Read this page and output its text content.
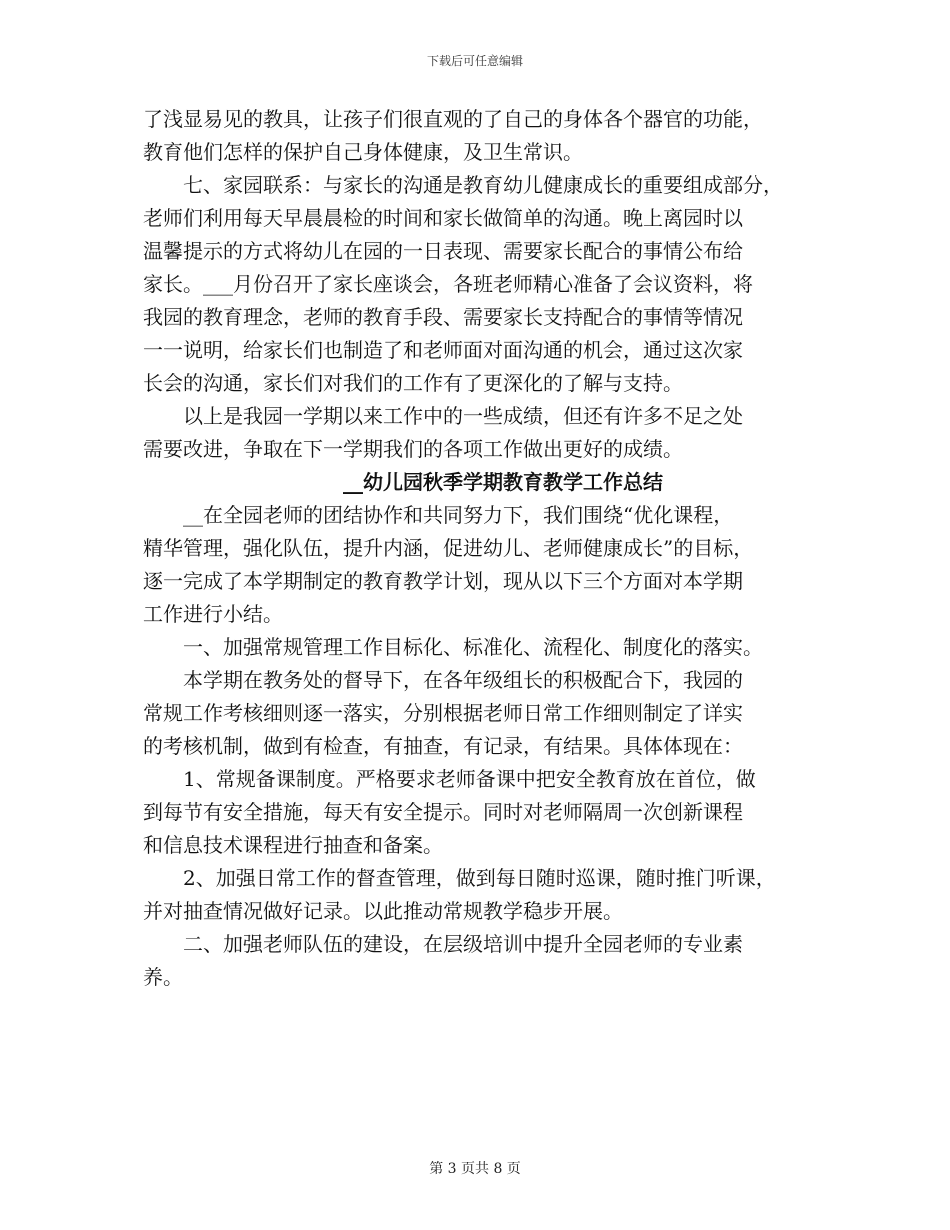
下载后可任意编辑
了浅显易见的教具，让孩子们很直观的了自己的身体各个器官的功能，
教育他们怎样的保护自己身体健康，及卫生常识。
七、家园联系：与家长的沟通是教育幼儿健康成长的重要组成部分，
老师们利用每天早晨晨检的时间和家长做简单的沟通。晚上离园时以
温馨提示的方式将幼儿在园的一日表现、需要家长配合的事情公布给
家长。___月份召开了家长座谈会，各班老师精心准备了会议资料，将
我园的教育理念，老师的教育手段、需要家长支持配合的事情等情况
一一说明，给家长们也制造了和老师面对面沟通的机会，通过这次家
长会的沟通，家长们对我们的工作有了更深化的了解与支持。
以上是我园一学期以来工作中的一些成绩，但还有许多不足之处
需要改进，争取在下一学期我们的各项工作做出更好的成绩。
__幼儿园秋季学期教育教学工作总结
__在全园老师的团结协作和共同努力下，我们围绕“优化课程，
精华管理，强化队伍，提升内涵，促进幼儿、老师健康成长”的目标，
逐一完成了本学期制定的教育教学计划，现从以下三个方面对本学期
工作进行小结。
一、加强常规管理工作目标化、标准化、流程化、制度化的落实。
本学期在教务处的督导下，在各年级组长的积极配合下，我园的
常规工作考核细则逐一落实，分别根据老师日常工作细则制定了详实
的考核机制，做到有检查，有抽查，有记录，有结果。具体体现在：
1、常规备课制度。严格要求老师备课中把安全教育放在首位，做
到每节有安全措施，每天有安全提示。同时对老师隔周一次创新课程
和信息技术课程进行抽查和备案。
2、加强日常工作的督查管理，做到每日随时巡课，随时推门听课，
并对抽查情况做好记录。以此推动常规教学稳步开展。
二、加强老师队伍的建设，在层级培训中提升全园老师的专业素
养。
第 3 页共 8 页
